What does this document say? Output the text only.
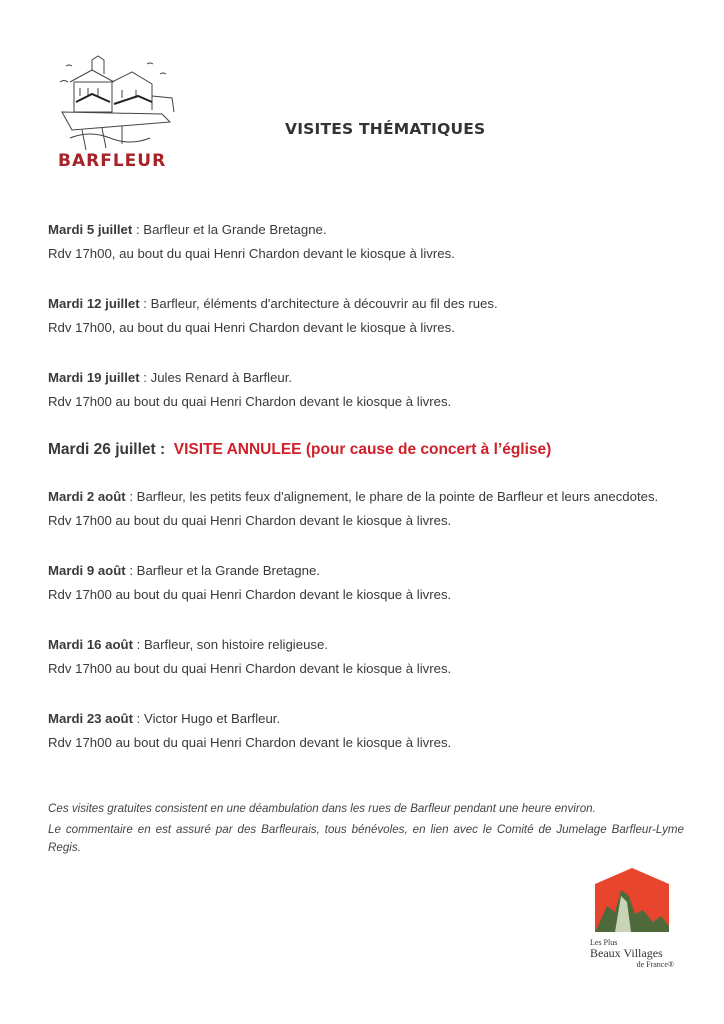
BARFLEUR
VISITES THÉMATIQUES
Mardi 5 juillet : Barfleur et la Grande Bretagne.
Rdv 17h00, au bout du quai Henri Chardon devant le kiosque à livres.
Mardi 12 juillet : Barfleur, éléments d'architecture à découvrir au fil des rues.
Rdv 17h00, au bout du quai Henri Chardon devant le kiosque à livres.
Mardi 19 juillet : Jules Renard à Barfleur.
Rdv 17h00 au bout du quai Henri Chardon devant le kiosque à livres.
Mardi 26 juillet : VISITE ANNULEE (pour cause de concert à l’église)
Mardi 2 août : Barfleur, les petits feux d'alignement, le phare de la pointe de Barfleur et leurs anecdotes.
Rdv 17h00 au bout du quai Henri Chardon devant le kiosque à livres.
Mardi 9 août : Barfleur et la Grande Bretagne.
Rdv 17h00 au bout du quai Henri Chardon devant le kiosque à livres.
Mardi 16 août : Barfleur, son histoire religieuse.
Rdv 17h00 au bout du quai Henri Chardon devant le kiosque à livres.
Mardi 23 août : Victor Hugo et Barfleur.
Rdv 17h00 au bout du quai Henri Chardon devant le kiosque à livres.
Ces visites gratuites consistent en une déambulation dans les rues de Barfleur pendant une heure environ.
Le commentaire en est assuré par des Barfleurais, tous bénévoles, en lien avec le Comité de Jumelage Barfleur-Lyme Regis.
Les Plus
Beaux Villages
de France®
